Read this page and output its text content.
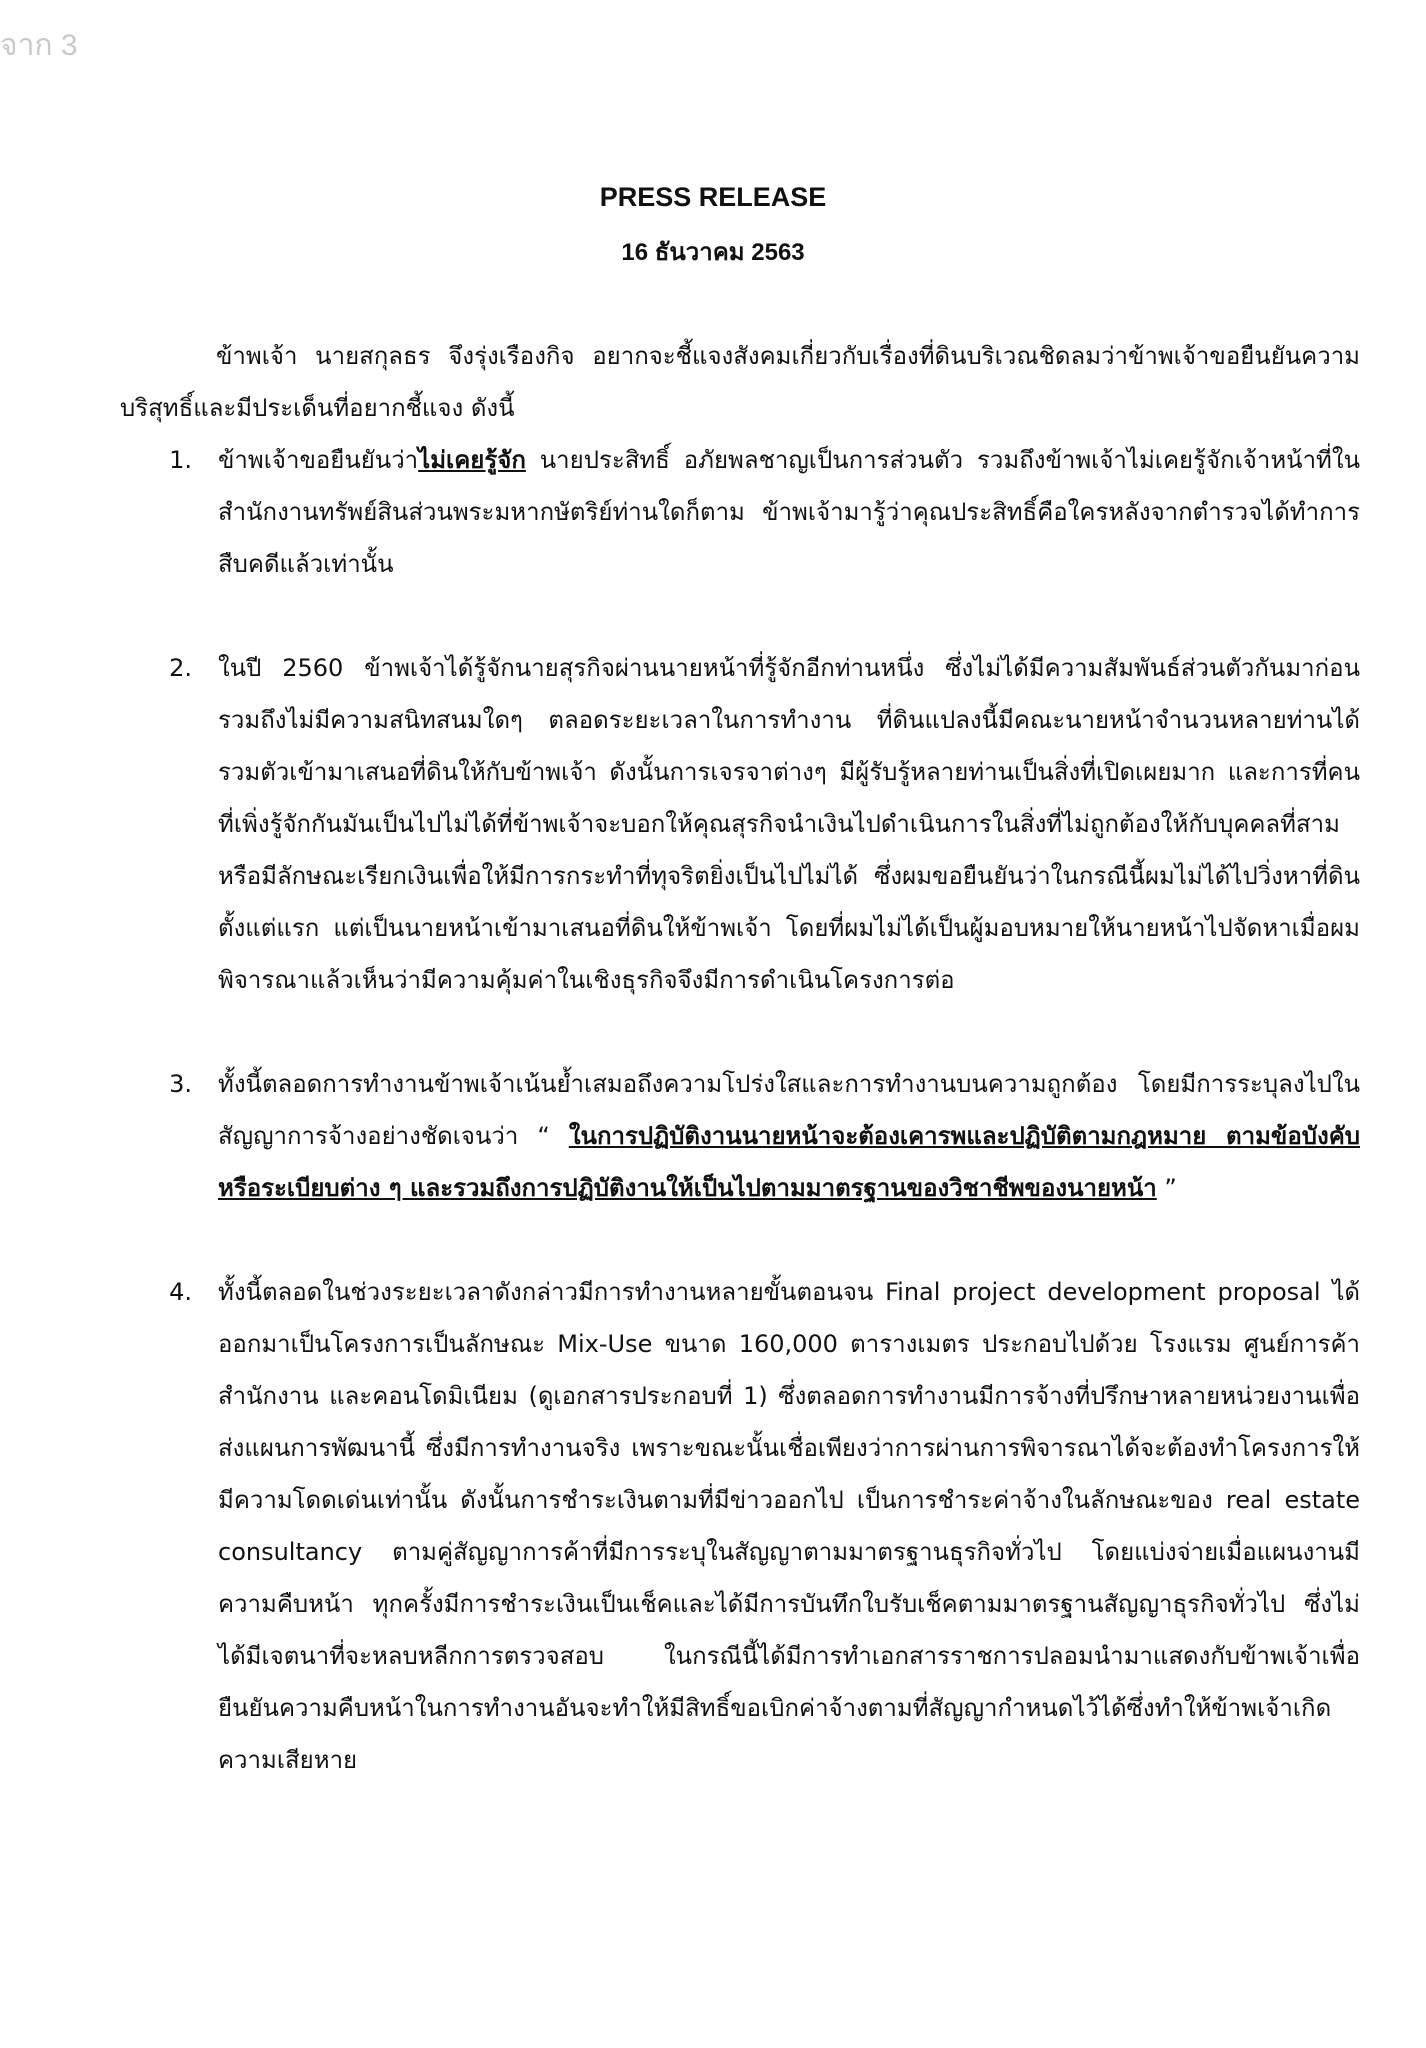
จาก 3
PRESS RELEASE
16 ธันวาคม 2563

ข้าพเจ้า นายสกุลธร จึงรุ่งเรืองกิจ อยากจะชี้แจงสังคมเกี่ยวกับเรื่องที่ดินบริเวณชิดลมว่าข้าพเจ้าขอยืนยันความบริสุทธิ์และมีประเด็นที่อยากชี้แจง ดังนี้

1.	ข้าพเจ้าขอยืนยันว่าไม่เคยรู้จัก นายประสิทธิ์ อภัยพลชาญเป็นการส่วนตัว รวมถึงข้าพเจ้าไม่เคยรู้จักเจ้าหน้าที่ในสำนักงานทรัพย์สินส่วนพระมหากษัตริย์ท่านใดก็ตาม ข้าพเจ้ามารู้ว่าคุณประสิทธิ์คือใครหลังจากตำรวจได้ทำการสืบคดีแล้วเท่านั้น
2.	ในปี 2560 ข้าพเจ้าได้รู้จักนายสุรกิจผ่านนายหน้าที่รู้จักอีกท่านหนึ่ง ซึ่งไม่ได้มีความสัมพันธ์ส่วนตัวกันมาก่อน รวมถึงไม่มีความสนิทสนมใดๆ ตลอดระยะเวลาในการทำงาน ที่ดินแปลงนี้มีคณะนายหน้าจำนวนหลายท่านได้รวมตัวเข้ามาเสนอที่ดินให้กับข้าพเจ้า ดังนั้นการเจรจาต่างๆ มีผู้รับรู้หลายท่านเป็นสิ่งที่เปิดเผยมาก และการที่คนที่เพิ่งรู้จักกันมันเป็นไปไม่ได้ที่ข้าพเจ้าจะบอกให้คุณสุรกิจนำเงินไปดำเนินการในสิ่งที่ไม่ถูกต้องให้กับบุคคลที่สามหรือมีลักษณะเรียกเงินเพื่อให้มีการกระทำที่ทุจริตยิ่งเป็นไปไม่ได้ ซึ่งผมขอยืนยันว่าในกรณีนี้ผมไม่ได้ไปวิ่งหาที่ดินตั้งแต่แรก แต่เป็นนายหน้าเข้ามาเสนอที่ดินให้ข้าพเจ้า โดยที่ผมไม่ได้เป็นผู้มอบหมายให้นายหน้าไปจัดหาเมื่อผมพิจารณาแล้วเห็นว่ามีความคุ้มค่าในเชิงธุรกิจจึงมีการดำเนินโครงการต่อ
3.	ทั้งนี้ตลอดการทำงานข้าพเจ้าเน้นย้ำเสมอถึงความโปร่งใสและการทำงานบนความถูกต้อง โดยมีการระบุลงไปในสัญญาการจ้างอย่างชัดเจนว่า “ ในการปฏิบัติงานนายหน้าจะต้องเคารพและปฏิบัติตามกฎหมาย ตามข้อบังคับหรือระเบียบต่าง ๆ และรวมถึงการปฏิบัติงานให้เป็นไปตามมาตรฐานของวิชาชีพของนายหน้า ”
4.	ทั้งนี้ตลอดในช่วงระยะเวลาดังกล่าวมีการทำงานหลายขั้นตอนจน Final project development proposal ได้ออกมาเป็นโครงการเป็นลักษณะ Mix-Use ขนาด 160,000 ตารางเมตร ประกอบไปด้วย โรงแรม ศูนย์การค้า สำนักงาน และคอนโดมิเนียม (ดูเอกสารประกอบที่ 1) ซึ่งตลอดการทำงานมีการจ้างที่ปรึกษาหลายหน่วยงานเพื่อส่งแผนการพัฒนานี้ ซึ่งมีการทำงานจริง เพราะขณะนั้นเชื่อเพียงว่าการผ่านการพิจารณาได้จะต้องทำโครงการให้มีความโดดเด่นเท่านั้น ดังนั้นการชำระเงินตามที่มีข่าวออกไป เป็นการชำระค่าจ้างในลักษณะของ real estate consultancy ตามคู่สัญญาการค้าที่มีการระบุในสัญญาตามมาตรฐานธุรกิจทั่วไป โดยแบ่งจ่ายเมื่อแผนงานมีความคืบหน้า ทุกครั้งมีการชำระเงินเป็นเช็คและได้มีการบันทึกใบรับเช็คตามมาตรฐานสัญญาธุรกิจทั่วไป ซึ่งไม่ได้มีเจตนาที่จะหลบหลีกการตรวจสอบ ในกรณีนี้ได้มีการทำเอกสารราชการปลอมนำมาแสดงกับข้าพเจ้าเพื่อยืนยันความคืบหน้าในการทำงานอันจะทำให้มีสิทธิ์ขอเบิกค่าจ้างตามที่สัญญากำหนดไว้ได้ซึ่งทำให้ข้าพเจ้าเกิดความเสียหาย
